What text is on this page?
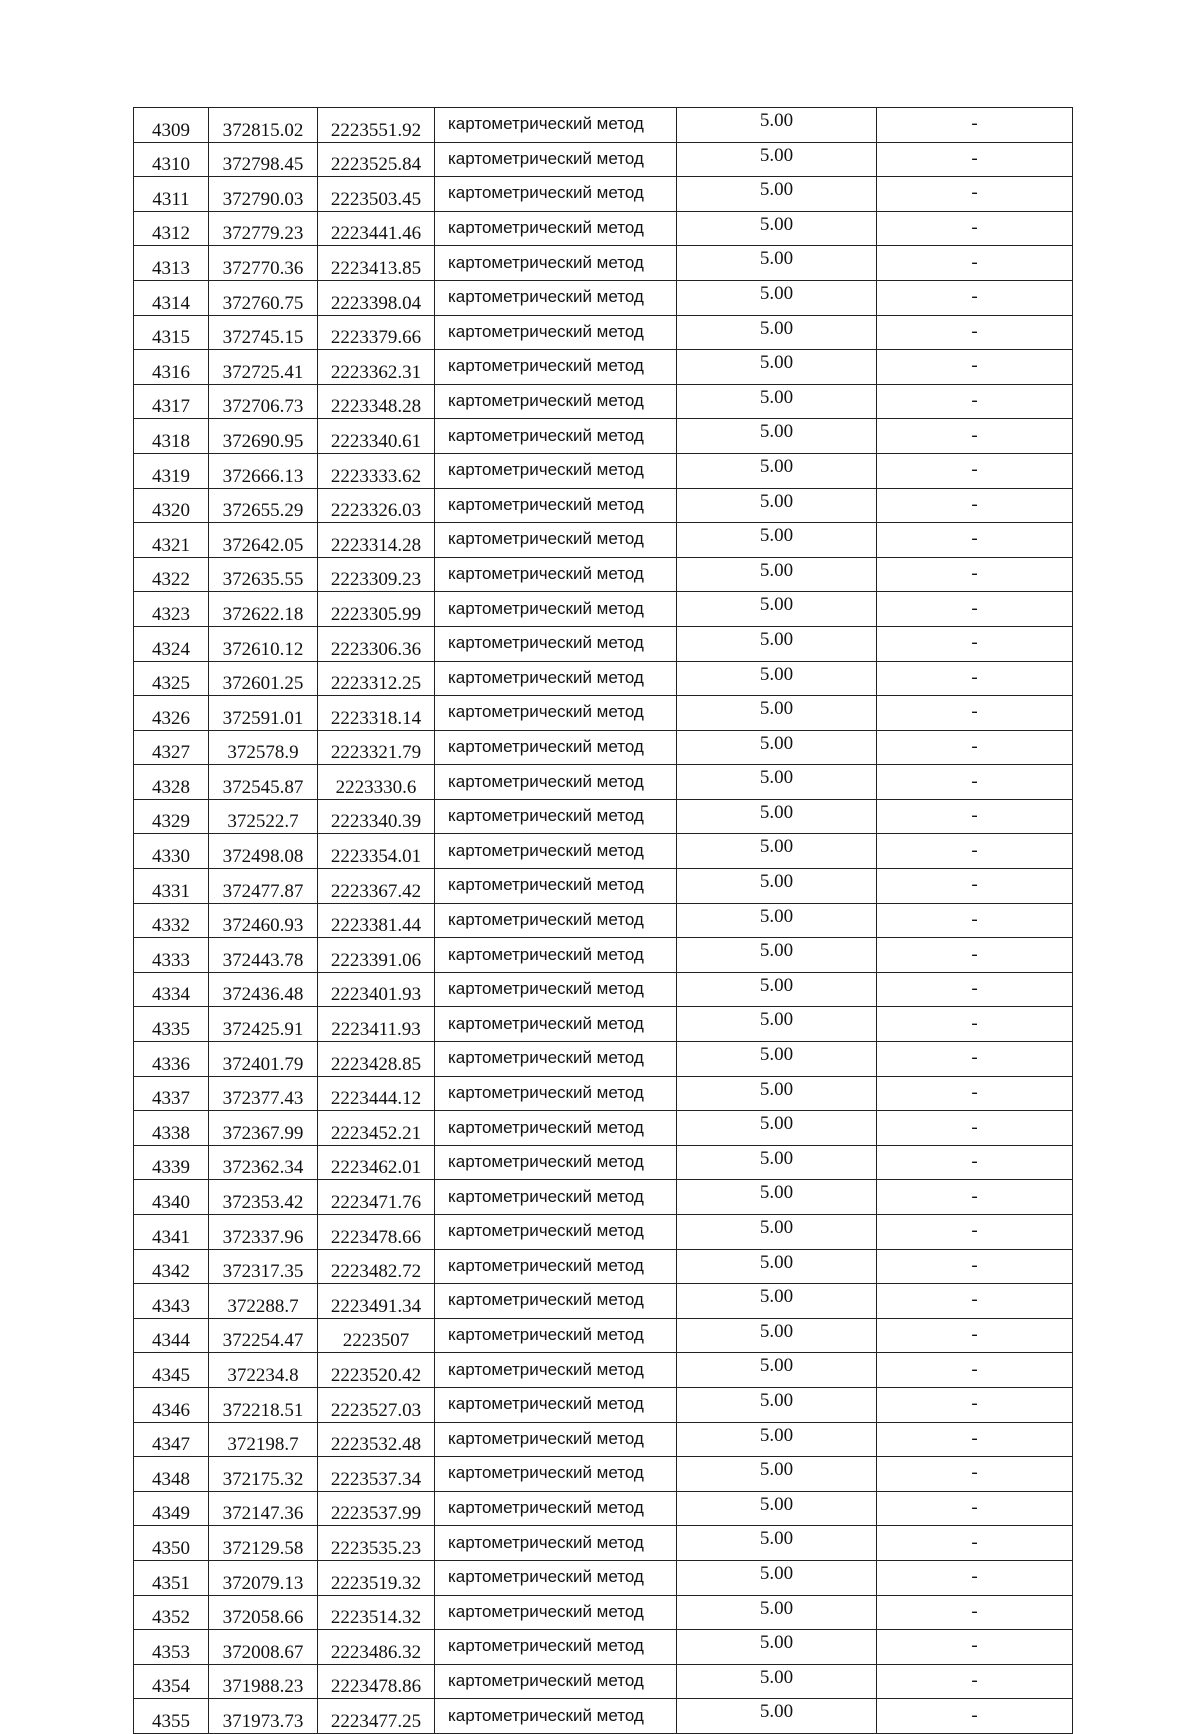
4309	372815.02	2223551.92	картометрический метод	5.00	-
4310	372798.45	2223525.84	картометрический метод	5.00	-
4311	372790.03	2223503.45	картометрический метод	5.00	-
4312	372779.23	2223441.46	картометрический метод	5.00	-
4313	372770.36	2223413.85	картометрический метод	5.00	-
4314	372760.75	2223398.04	картометрический метод	5.00	-
4315	372745.15	2223379.66	картометрический метод	5.00	-
4316	372725.41	2223362.31	картометрический метод	5.00	-
4317	372706.73	2223348.28	картометрический метод	5.00	-
4318	372690.95	2223340.61	картометрический метод	5.00	-
4319	372666.13	2223333.62	картометрический метод	5.00	-
4320	372655.29	2223326.03	картометрический метод	5.00	-
4321	372642.05	2223314.28	картометрический метод	5.00	-
4322	372635.55	2223309.23	картометрический метод	5.00	-
4323	372622.18	2223305.99	картометрический метод	5.00	-
4324	372610.12	2223306.36	картометрический метод	5.00	-
4325	372601.25	2223312.25	картометрический метод	5.00	-
4326	372591.01	2223318.14	картометрический метод	5.00	-
4327	372578.9	2223321.79	картометрический метод	5.00	-
4328	372545.87	2223330.6	картометрический метод	5.00	-
4329	372522.7	2223340.39	картометрический метод	5.00	-
4330	372498.08	2223354.01	картометрический метод	5.00	-
4331	372477.87	2223367.42	картометрический метод	5.00	-
4332	372460.93	2223381.44	картометрический метод	5.00	-
4333	372443.78	2223391.06	картометрический метод	5.00	-
4334	372436.48	2223401.93	картометрический метод	5.00	-
4335	372425.91	2223411.93	картометрический метод	5.00	-
4336	372401.79	2223428.85	картометрический метод	5.00	-
4337	372377.43	2223444.12	картометрический метод	5.00	-
4338	372367.99	2223452.21	картометрический метод	5.00	-
4339	372362.34	2223462.01	картометрический метод	5.00	-
4340	372353.42	2223471.76	картометрический метод	5.00	-
4341	372337.96	2223478.66	картометрический метод	5.00	-
4342	372317.35	2223482.72	картометрический метод	5.00	-
4343	372288.7	2223491.34	картометрический метод	5.00	-
4344	372254.47	2223507	картометрический метод	5.00	-
4345	372234.8	2223520.42	картометрический метод	5.00	-
4346	372218.51	2223527.03	картометрический метод	5.00	-
4347	372198.7	2223532.48	картометрический метод	5.00	-
4348	372175.32	2223537.34	картометрический метод	5.00	-
4349	372147.36	2223537.99	картометрический метод	5.00	-
4350	372129.58	2223535.23	картометрический метод	5.00	-
4351	372079.13	2223519.32	картометрический метод	5.00	-
4352	372058.66	2223514.32	картометрический метод	5.00	-
4353	372008.67	2223486.32	картометрический метод	5.00	-
4354	371988.23	2223478.86	картометрический метод	5.00	-
4355	371973.73	2223477.25	картометрический метод	5.00	-
